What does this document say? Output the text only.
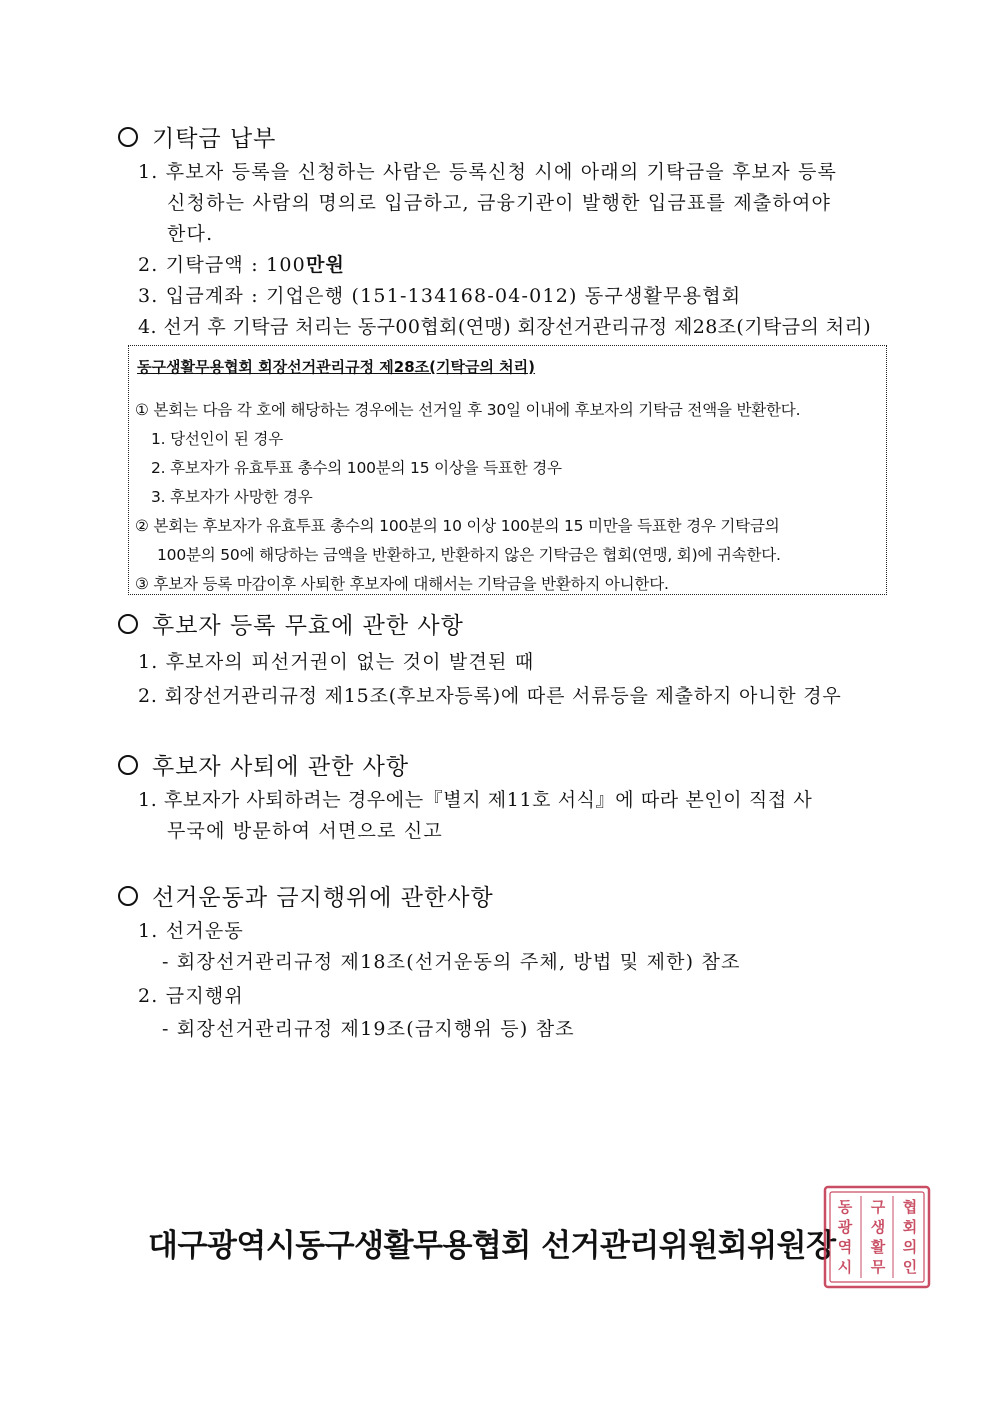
기탁금 납부
1. 후보자 등록을 신청하는 사람은 등록신청 시에 아래의 기탁금을 후보자 등록
신청하는 사람의 명의로 입금하고, 금융기관이 발행한 입금표를 제출하여야
한다.
2. 기탁금액 : 100만원
3. 입금계좌 : 기업은행 (151-134168-04-012) 동구생활무용협회
4. 선거 후 기탁금 처리는 동구00협회(연맹) 회장선거관리규정 제28조(기탁금의 처리)
동구생활무용협회 회장선거관리규정 제28조(기탁금의 처리)
① 본회는 다음 각 호에 해당하는 경우에는 선거일 후 30일 이내에 후보자의 기탁금 전액을 반환한다.
1. 당선인이 된 경우
2. 후보자가 유효투표 총수의 100분의 15 이상을 득표한 경우
3. 후보자가 사망한 경우
② 본회는 후보자가 유효투표 총수의 100분의 10 이상 100분의 15 미만을 득표한 경우 기탁금의
100분의 50에 해당하는 금액을 반환하고, 반환하지 않은 기탁금은 협회(연맹, 회)에 귀속한다.
③ 후보자 등록 마감이후 사퇴한 후보자에 대해서는 기탁금을 반환하지 아니한다.
후보자 등록 무효에 관한 사항
1. 후보자의 피선거권이 없는 것이 발견된 때
2. 회장선거관리규정 제15조(후보자등록)에 따른 서류등을 제출하지 아니한 경우
후보자 사퇴에 관한 사항
1. 후보자가 사퇴하려는 경우에는『별지 제11호 서식』에 따라 본인이 직접 사
무국에 방문하여 서면으로 신고
선거운동과 금지행위에 관한사항
1. 선거운동
- 회장선거관리규정 제18조(선거운동의 주체, 방법 및 제한) 참조
2. 금지행위
- 회장선거관리규정 제19조(금지행위 등) 참조
대구광역시동구생활무용협회 선거관리위원회위원장
협
회
의
인
구
생
활
무
동
광
역
시
